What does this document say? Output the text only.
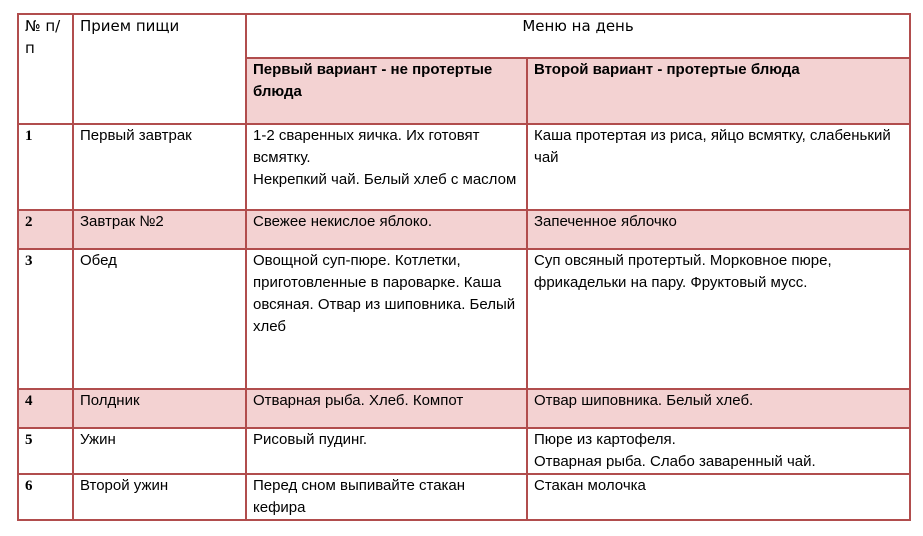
№ п/п	Прием пищи	Меню на день	
		Первый вариант - не протертые блюда	Второй вариант - протертые блюда
1	Первый завтрак	1-2 сваренных яичка. Их готовят всмятку.
Некрепкий чай. Белый хлеб с маслом	Каша протертая из риса, яйцо всмятку, слабенький чай
2	Завтрак №2	Свежее некислое яблоко.	Запеченное яблочко
3	Обед	Овощной суп-пюре. Котлетки, приготовленные в пароварке. Каша овсяная. Отвар из шиповника. Белый хлеб	Суп овсяный протертый. Морковное пюре, фрикадельки на пару. Фруктовый мусс.
4	Полдник	Отварная рыба. Хлеб. Компот	Отвар шиповника. Белый хлеб.
5	Ужин	Рисовый пудинг.	Пюре из картофеля.
Отварная рыба. Слабо заваренный чай.
6	Второй ужин	Перед сном выпивайте стакан кефира	Стакан молочка
